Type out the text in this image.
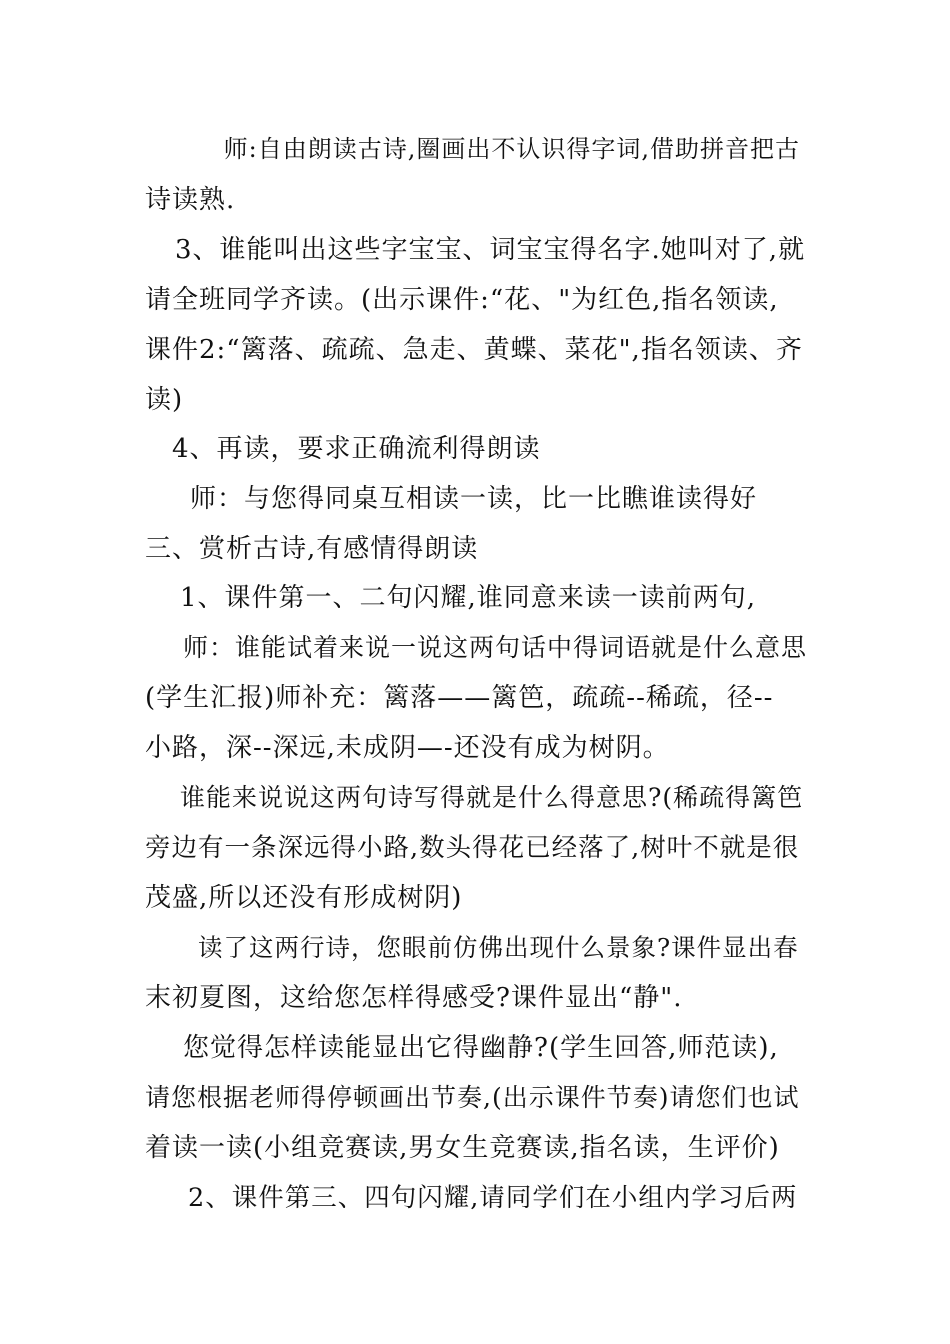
　 师:自由朗读古诗,圈画出不认识得字词,借助拼音把古
诗读熟.
3、谁能叫出这些字宝宝、词宝宝得名字.她叫对了,就
请全班同学齐读。(出示课件:“花、"为红色,指名领读,
课件2:“篱落、疏疏、急走、黄蝶、菜花",指名领读、齐
读)
4、再读，要求正确流利得朗读
师：与您得同桌互相读一读，比一比瞧谁读得好
三、赏析古诗,有感情得朗读
1、课件第一、二句闪耀,谁同意来读一读前两句,
师：谁能试着来说一说这两句话中得词语就是什么意思
(学生汇报)师补充：篱落——篱笆，疏疏--稀疏，径--
小路，深--深远,未成阴—-还没有成为树阴。
谁能来说说这两句诗写得就是什么得意思?(稀疏得篱笆
旁边有一条深远得小路,数头得花已经落了,树叶不就是很
茂盛,所以还没有形成树阴)
读了这两行诗，您眼前仿佛出现什么景象?课件显出春
末初夏图，这给您怎样得感受?课件显出“静".
您觉得怎样读能显出它得幽静?(学生回答,师范读),
请您根据老师得停顿画出节奏,(出示课件节奏)请您们也试
着读一读(小组竞赛读,男女生竞赛读,指名读，生评价)
2、课件第三、四句闪耀,请同学们在小组内学习后两
